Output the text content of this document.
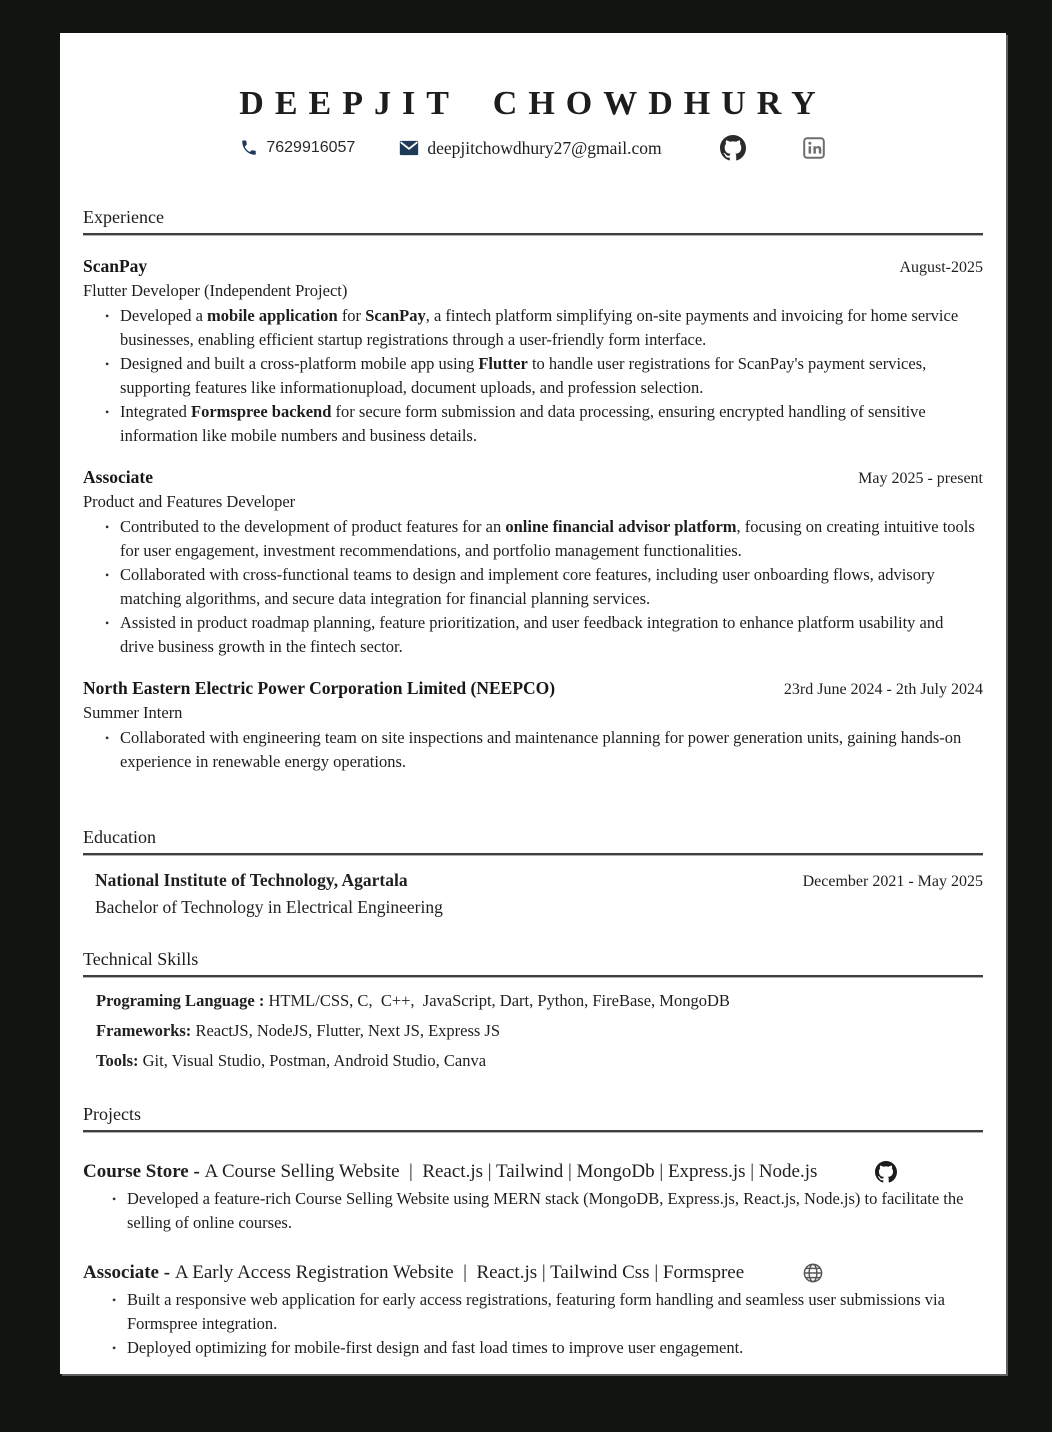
DEEPJIT CHOWDHURY
7629916057	deepjitchowdhury27@gmail.com
Experience
ScanPay	August-2025
Flutter Developer (Independent Project)
• Developed a mobile application for ScanPay, a fintech platform simplifying on-site payments and invoicing for home service businesses, enabling efficient startup registrations through a user-friendly form interface.
• Designed and built a cross-platform mobile app using Flutter to handle user registrations for ScanPay's payment services, supporting features like informationupload, document uploads, and profession selection.
• Integrated Formspree backend for secure form submission and data processing, ensuring encrypted handling of sensitive information like mobile numbers and business details.
Associate	May 2025 - present
Product and Features Developer
• Contributed to the development of product features for an online financial advisor platform, focusing on creating intuitive tools for user engagement, investment recommendations, and portfolio management functionalities.
• Collaborated with cross-functional teams to design and implement core features, including user onboarding flows, advisory matching algorithms, and secure data integration for financial planning services.
• Assisted in product roadmap planning, feature prioritization, and user feedback integration to enhance platform usability and drive business growth in the fintech sector.
North Eastern Electric Power Corporation Limited (NEEPCO)	23rd June 2024 - 2th July 2024
Summer Intern
• Collaborated with engineering team on site inspections and maintenance planning for power generation units, gaining hands-on experience in renewable energy operations.
Education
National Institute of Technology, Agartala	December 2021 - May 2025
Bachelor of Technology in Electrical Engineering
Technical Skills
Programing Language : HTML/CSS, C,  C++,  JavaScript, Dart, Python, FireBase, MongoDB
Frameworks: ReactJS, NodeJS, Flutter, Next JS, Express JS
Tools: Git, Visual Studio, Postman, Android Studio, Canva
Projects
Course Store - A Course Selling Website  |  React.js | Tailwind | MongoDb | Express.js | Node.js

• Developed a feature-rich Course Selling Website using MERN stack (MongoDB, Express.js, React.js, Node.js) to facilitate the selling of online courses.
Associate - A Early Access Registration Website  |  React.js | Tailwind Css | Formspree

• Built a responsive web application for early access registrations, featuring form handling and seamless user submissions via Formspree integration.
• Deployed optimizing for mobile-first design and fast load times to improve user engagement.
